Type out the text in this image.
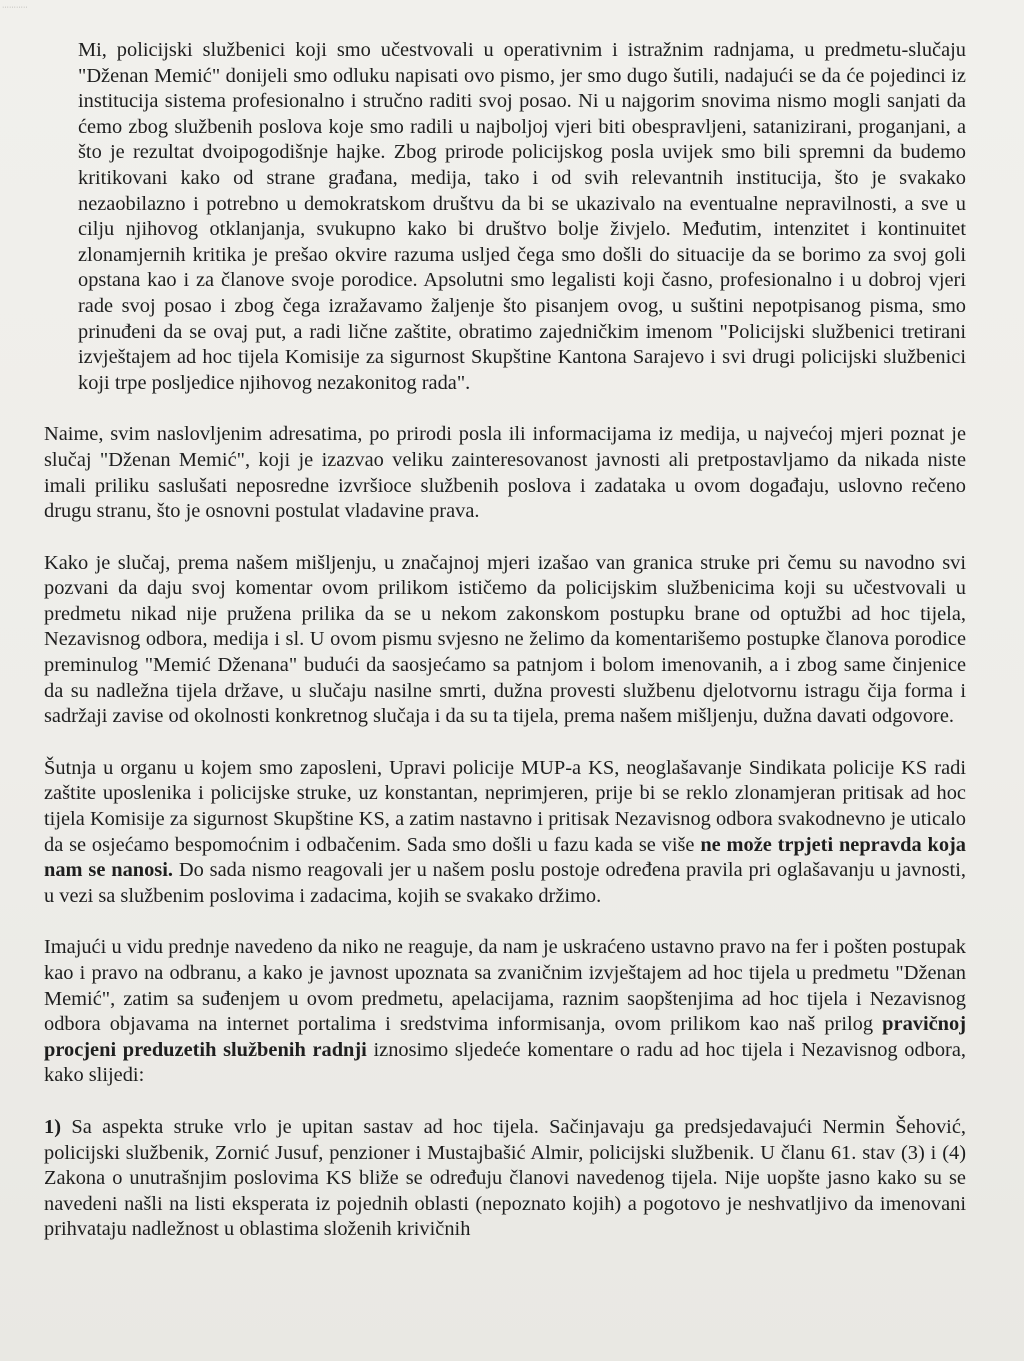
···········

Mi, policijski službenici koji smo učestvovali u operativnim i istražnim radnjama, u predmetu-slučaju "Dženan Memić" donijeli smo odluku napisati ovo pismo, jer smo dugo šutili, nadajući se da će pojedinci iz institucija sistema profesionalno i stručno raditi svoj posao. Ni u najgorim snovima nismo mogli sanjati da ćemo zbog službenih poslova koje smo radili u najboljoj vjeri biti obespravljeni, satanizirani, proganjani, a što je rezultat dvoipogodišnje hajke. Zbog prirode policijskog posla uvijek smo bili spremni da budemo kritikovani kako od strane građana, medija, tako i od svih relevantnih institucija, što je svakako nezaobilazno i potrebno u demokratskom društvu da bi se ukazivalo na eventualne nepravilnosti, a sve u cilju njihovog otklanjanja, svukupno kako bi društvo bolje živjelo. Međutim, intenzitet i kontinuitet zlonamjernih kritika je prešao okvire razuma usljed čega smo došli do situacije da se borimo za svoj goli opstana kao i za članove svoje porodice. Apsolutni smo legalisti koji časno, profesionalno i u dobroj vjeri rade svoj posao i zbog čega izražavamo žaljenje što pisanjem ovog, u suštini nepotpisanog pisma, smo prinuđeni da se ovaj put, a radi lične zaštite, obratimo zajedničkim imenom "Policijski službenici tretirani izvještajem ad hoc tijela Komisije za sigurnost Skupštine Kantona Sarajevo i svi drugi policijski službenici koji trpe posljedice njihovog nezakonitog rada".

Naime, svim naslovljenim adresatima, po prirodi posla ili informacijama iz medija, u najvećoj mjeri poznat je slučaj "Dženan Memić", koji je izazvao veliku zainteresovanost javnosti ali pretpostavljamo da nikada niste imali priliku saslušati neposredne izvršioce službenih poslova i zadataka u ovom događaju, uslovno rečeno drugu stranu, što je osnovni postulat vladavine prava.

Kako je slučaj, prema našem mišljenju, u značajnoj mjeri izašao van granica struke pri čemu su navodno svi pozvani da daju svoj komentar ovom prilikom ističemo da policijskim službenicima koji su učestvovali u predmetu nikad nije pružena prilika da se u nekom zakonskom postupku brane od optužbi ad hoc tijela, Nezavisnog odbora, medija i sl. U ovom pismu svjesno ne želimo da komentarišemo postupke članova porodice preminulog "Memić Dženana" budući da saosjećamo sa patnjom i bolom imenovanih, a i zbog same činjenice da su nadležna tijela države, u slučaju nasilne smrti, dužna provesti službenu djelotvornu istragu čija forma i sadržaji zavise od okolnosti konkretnog slučaja i da su ta tijela, prema našem mišljenju, dužna davati odgovore.

Šutnja u organu u kojem smo zaposleni, Upravi policije MUP-a KS, neoglašavanje Sindikata policije KS radi zaštite uposlenika i policijske struke, uz konstantan, neprimjeren, prije bi se reklo zlonamjeran pritisak ad hoc tijela Komisije za sigurnost Skupštine KS, a zatim nastavno i pritisak Nezavisnog odbora svakodnevno je uticalo da se osjećamo bespomoćnim i odbačenim. Sada smo došli u fazu kada se više ne može trpjeti nepravda koja nam se nanosi. Do sada nismo reagovali jer u našem poslu postoje određena pravila pri oglašavanju u javnosti, u vezi sa službenim poslovima i zadacima, kojih se svakako držimo.

Imajući u vidu prednje navedeno da niko ne reaguje, da nam je uskraćeno ustavno pravo na fer i pošten postupak kao i pravo na odbranu, a kako je javnost upoznata sa zvaničnim izvještajem ad hoc tijela u predmetu "Dženan Memić", zatim sa suđenjem u ovom predmetu, apelacijama, raznim saopštenjima ad hoc tijela i Nezavisnog odbora objavama na internet portalima i sredstvima informisanja, ovom prilikom kao naš prilog pravičnoj procjeni preduzetih službenih radnji iznosimo sljedeće komentare o radu ad hoc tijela i Nezavisnog odbora, kako slijedi:

1) Sa aspekta struke vrlo je upitan sastav ad hoc tijela. Sačinjavaju ga predsjedavajući Nermin Šehović, policijski službenik, Zornić Jusuf, penzioner i Mustajbašić Almir, policijski službenik. U članu 61. stav (3) i (4) Zakona o unutrašnjim poslovima KS bliže se određuju članovi navedenog tijela. Nije uopšte jasno kako su se navedeni našli na listi eksperata iz pojednih oblasti (nepoznato kojih) a pogotovo je neshvatljivo da imenovani prihvataju nadležnost u oblastima složenih krivičnih
